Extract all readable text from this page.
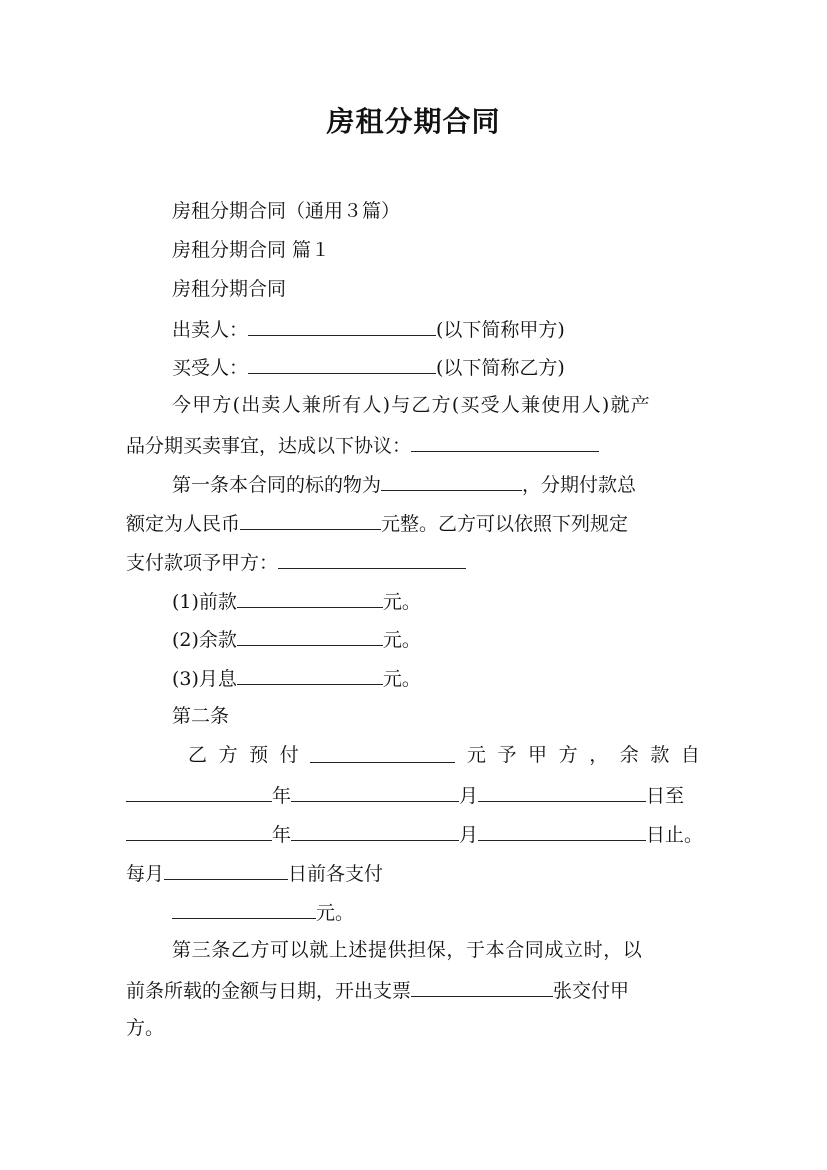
房租分期合同
房租分期合同（通用３篇）
房租分期合同 篇１
房租分期合同
出卖人：	(以下简称甲方)
买受人：	(以下简称乙方)
今甲方(出卖人兼所有人)与乙方(买受人兼使用人)就产
品分期买卖事宜，达成以下协议：
第一条本合同的标的物为	，分期付款总
额定为人民币	元整。乙方可以依照下列规定
支付款项予甲方：
(1)前款	元。
(2)余款	元。
(3)月息	元。
第二条
乙 方 预 付	元 予 甲 方 ， 余 款 自
年	月	日至
年	月	日止。
每月	日前各支付
元。
第三条乙方可以就上述提供担保，于本合同成立时，以
前条所载的金额与日期，开出支票	张交付甲
方。
